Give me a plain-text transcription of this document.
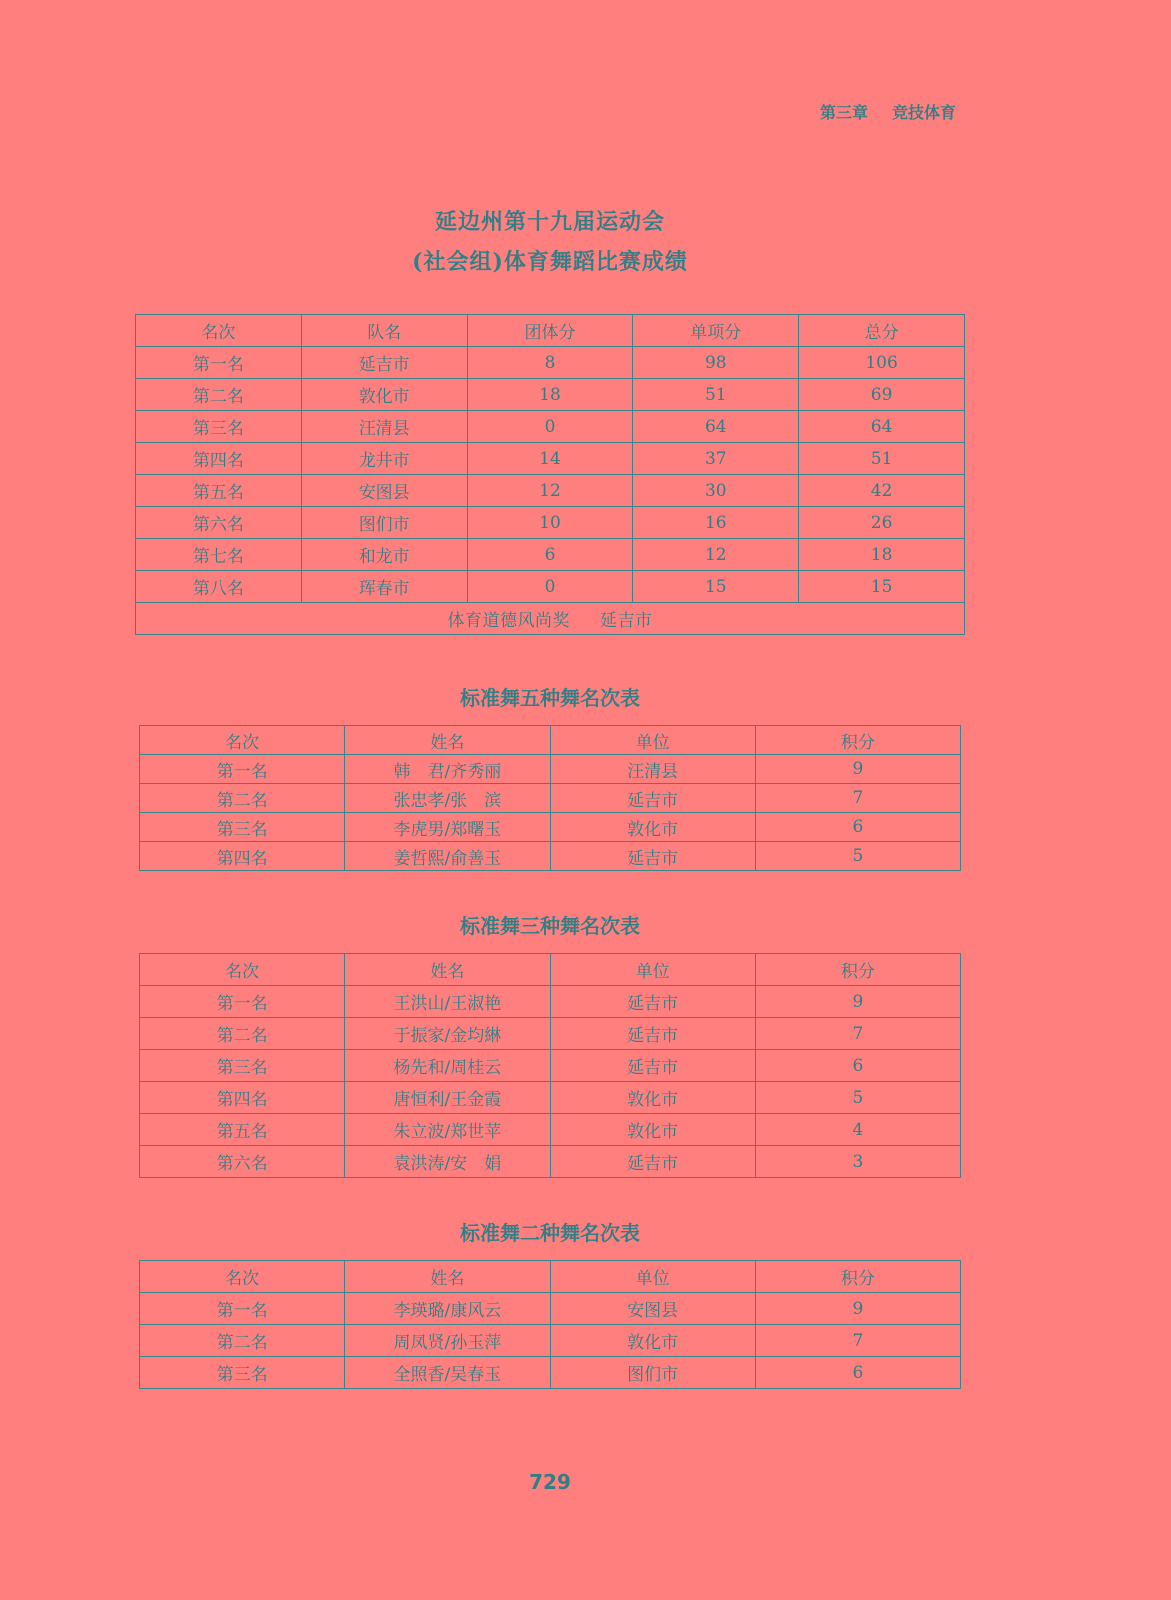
第三章 竞技体育
延边州第十九届运动会
(社会组)体育舞蹈比赛成绩
名次	队名	团体分	单项分	总分
第一名	延吉市	8	98	106
第二名	敦化市	18	51	69
第三名	汪清县	0	64	64
第四名	龙井市	14	37	51
第五名	安图县	12	30	42
第六名	图们市	10	16	26
第七名	和龙市	6	12	18
第八名	珲春市	0	15	15
体育道德风尚奖 延吉市				
标准舞五种舞名次表
名次	姓名	单位	积分
第一名	韩　君/齐秀丽	汪清县	9
第二名	张忠孝/张　滨	延吉市	7
第三名	李虎男/郑曙玉	敦化市	6
第四名	姜哲熙/俞善玉	延吉市	5
标准舞三种舞名次表
名次	姓名	单位	积分
第一名	王洪山/王淑艳	延吉市	9
第二名	于振家/金均綝	延吉市	7
第三名	杨先和/周桂云	延吉市	6
第四名	唐恒利/王金霞	敦化市	5
第五名	朱立波/郑世苹	敦化市	4
第六名	袁洪涛/安　娟	延吉市	3
标准舞二种舞名次表
名次	姓名	单位	积分
第一名	李瑛璐/康风云	安图县	9
第二名	周凤贤/孙玉萍	敦化市	7
第三名	全照香/吴春玉	图们市	6
729
